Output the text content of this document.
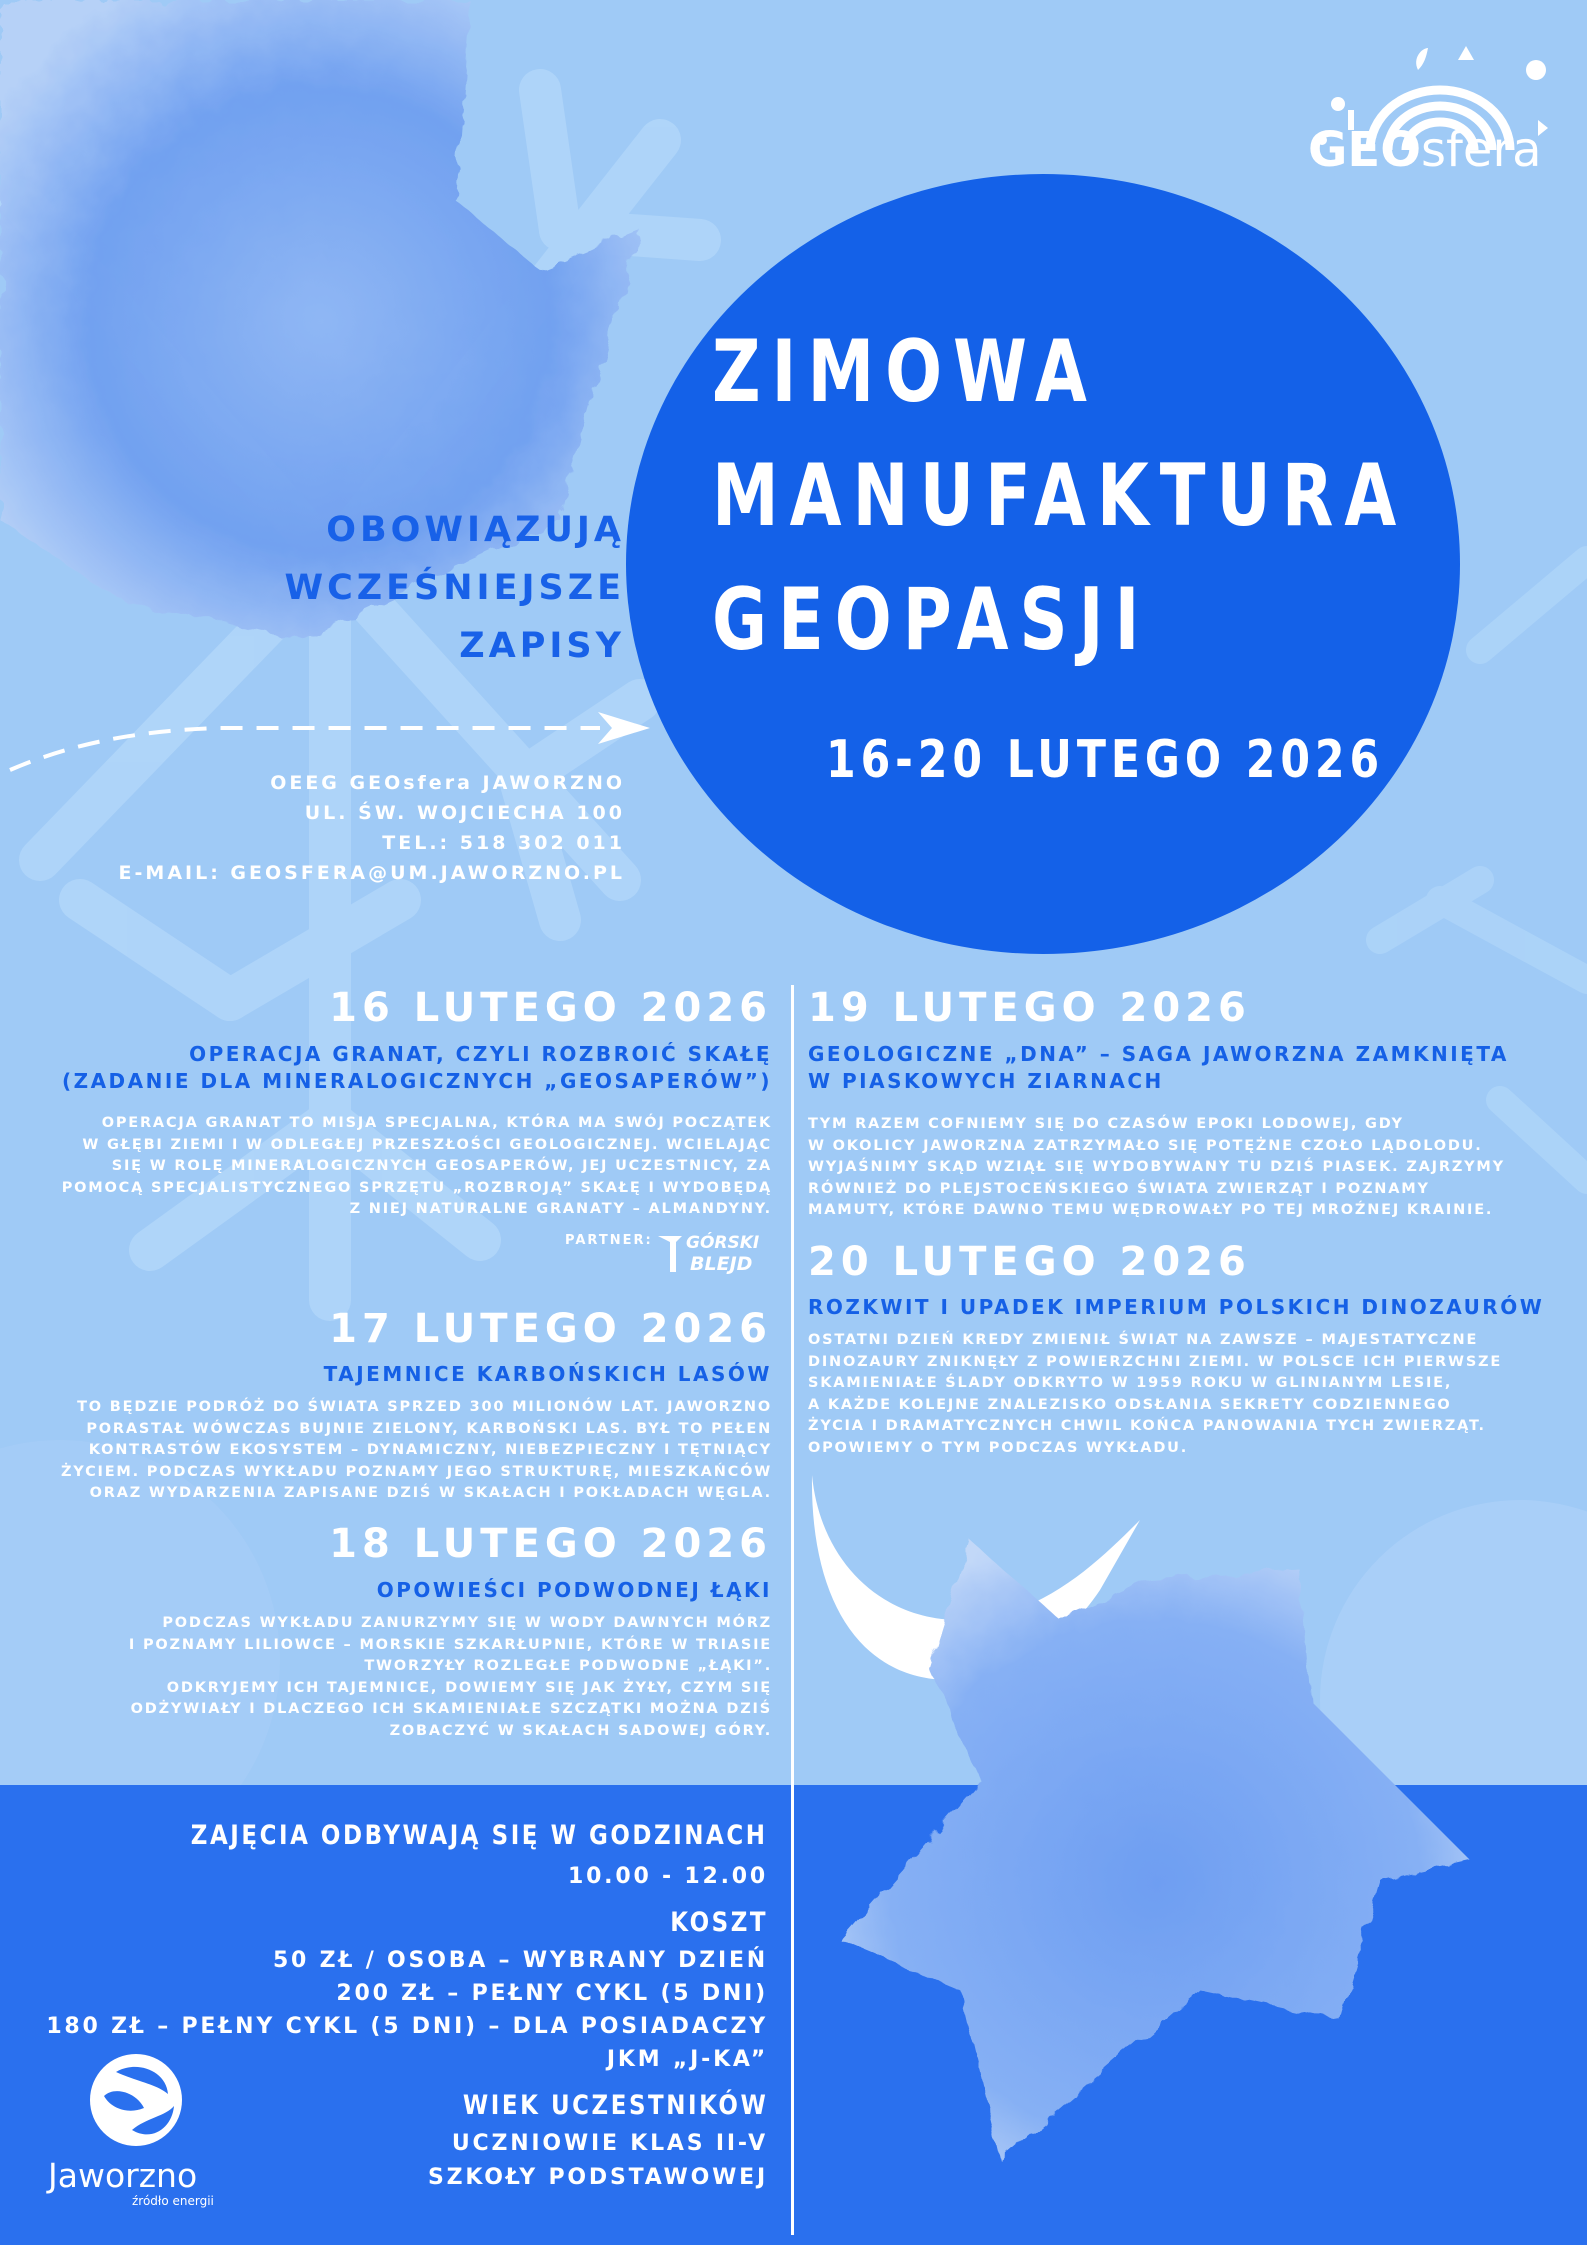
ZIMOWA
MANUFAKTURA
GEOPASJI
16-20 LUTEGO 2026
GEOsfera
OBOWIĄZUJĄ
WCZEŚNIEJSZE
ZAPISY
OEEG GEOsfera JAWORZNO
UL. ŚW. WOJCIECHA 100
TEL.: 518 302 011
E-MAIL: GEOSFERA@UM.JAWORZNO.PL
16 LUTEGO 2026
OPERACJA GRANAT, CZYLI ROZBROIĆ SKAŁĘ
(ZADANIE DLA MINERALOGICZNYCH „GEOSAPERÓW”)
OPERACJA GRANAT TO MISJA SPECJALNA, KTÓRA MA SWÓJ POCZĄTEK
W GŁĘBI ZIEMI I W ODLEGŁEJ PRZESZŁOŚCI GEOLOGICZNEJ. WCIELAJĄC
SIĘ W ROLĘ MINERALOGICZNYCH GEOSAPERÓW, JEJ UCZESTNICY, ZA
POMOCĄ SPECJALISTYCZNEGO SPRZĘTU „ROZBROJĄ” SKAŁĘ I WYDOBĘDĄ
Z NIEJ NATURALNE GRANATY – ALMANDYNY.
PARTNER: GÓRSKI
BLEJD
17 LUTEGO 2026
TAJEMNICE KARBOŃSKICH LASÓW
TO BĘDZIE PODRÓŻ DO ŚWIATA SPRZED 300 MILIONÓW LAT. JAWORZNO
PORASTAŁ WÓWCZAS BUJNIE ZIELONY, KARBOŃSKI LAS. BYŁ TO PEŁEN
KONTRASTÓW EKOSYSTEM – DYNAMICZNY, NIEBEZPIECZNY I TĘTNIĄCY
ŻYCIEM. PODCZAS WYKŁADU POZNAMY JEGO STRUKTURĘ, MIESZKAŃCÓW
ORAZ WYDARZENIA ZAPISANE DZIŚ W SKAŁACH I POKŁADACH WĘGLA.
18 LUTEGO 2026
OPOWIEŚCI PODWODNEJ ŁĄKI
PODCZAS WYKŁADU ZANURZYMY SIĘ W WODY DAWNYCH MÓRZ
I POZNAMY LILIOWCE – MORSKIE SZKARŁUPNIE, KTÓRE W TRIASIE
TWORZYŁY ROZLEGŁE PODWODNE „ŁĄKI”.
ODKRYJEMY ICH TAJEMNICE, DOWIEMY SIĘ JAK ŻYŁY, CZYM SIĘ
ODŻYWIAŁY I DLACZEGO ICH SKAMIENIAŁE SZCZĄTKI MOŻNA DZIŚ
ZOBACZYĆ W SKAŁACH SADOWEJ GÓRY.
19 LUTEGO 2026
GEOLOGICZNE „DNA” – SAGA JAWORZNA ZAMKNIĘTA
W PIASKOWYCH ZIARNACH
TYM RAZEM COFNIEMY SIĘ DO CZASÓW EPOKI LODOWEJ, GDY
W OKOLICY JAWORZNA ZATRZYMAŁO SIĘ POTĘŻNE CZOŁO LĄDOLODU.
WYJAŚNIMY SKĄD WZIĄŁ SIĘ WYDOBYWANY TU DZIŚ PIASEK. ZAJRZYMY
RÓWNIEŻ DO PLEJSTOCEŃSKIEGO ŚWIATA ZWIERZĄT I POZNAMY
MAMUTY, KTÓRE DAWNO TEMU WĘDROWAŁY PO TEJ MROŹNEJ KRAINIE.
20 LUTEGO 2026
ROZKWIT I UPADEK IMPERIUM POLSKICH DINOZAURÓW
OSTATNI DZIEŃ KREDY ZMIENIŁ ŚWIAT NA ZAWSZE – MAJESTATYCZNE
DINOZAURY ZNIKNĘŁY Z POWIERZCHNI ZIEMI. W POLSCE ICH PIERWSZE
SKAMIENIAŁE ŚLADY ODKRYTO W 1959 ROKU W GLINIANYM LESIE,
A KAŻDE KOLEJNE ZNALEZISKO ODSŁANIA SEKRETY CODZIENNEGO
ŻYCIA I DRAMATYCZNYCH CHWIL KOŃCA PANOWANIA TYCH ZWIERZĄT.
OPOWIEMY O TYM PODCZAS WYKŁADU.
ZAJĘCIA ODBYWAJĄ SIĘ W GODZINACH
10.00 - 12.00
KOSZT
50 ZŁ / OSOBA – WYBRANY DZIEŃ
200 ZŁ – PEŁNY CYKL (5 DNI)
180 ZŁ – PEŁNY CYKL (5 DNI) – DLA POSIADACZY
JKM „J-KA”
WIEK UCZESTNIKÓW
UCZNIOWIE KLAS II-V
SZKOŁY PODSTAWOWEJ
Jaworzno
źródło energii
